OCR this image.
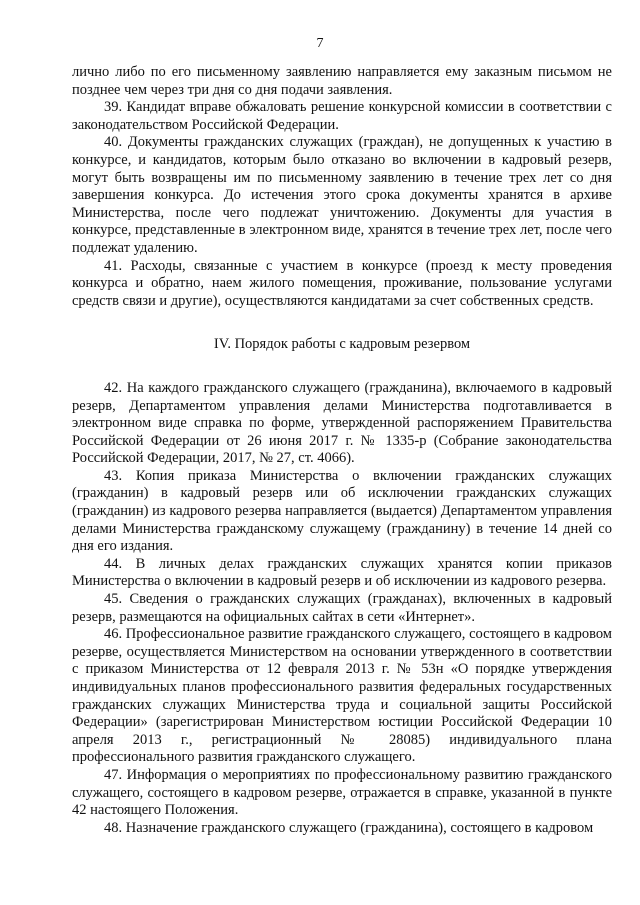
7

лично либо по его письменному заявлению направляется ему заказным письмом не позднее чем через три дня со дня подачи заявления.

39. Кандидат вправе обжаловать решение конкурсной комиссии в соответствии с законодательством Российской Федерации.

40. Документы гражданских служащих (граждан), не допущенных к участию в конкурсе, и кандидатов, которым было отказано во включении в кадровый резерв, могут быть возвращены им по письменному заявлению в течение трех лет со дня завершения конкурса. До истечения этого срока документы хранятся в архиве Министерства, после чего подлежат уничтожению. Документы для участия в конкурсе, представленные в электронном виде, хранятся в течение трех лет, после чего подлежат удалению.

41. Расходы, связанные с участием в конкурсе (проезд к месту проведения конкурса и обратно, наем жилого помещения, проживание, пользование услугами средств связи и другие), осуществляются кандидатами за счет собственных средств.

IV. Порядок работы с кадровым резервом

42. На каждого гражданского служащего (гражданина), включаемого в кадровый резерв, Департаментом управления делами Министерства подготавливается в электронном виде справка по форме, утвержденной распоряжением Правительства Российской Федерации от 26 июня 2017 г. № 1335-р (Собрание законодательства Российской Федерации, 2017, № 27, ст. 4066).

43. Копия приказа Министерства о включении гражданских служащих (гражданин) в кадровый резерв или об исключении гражданских служащих (гражданин) из кадрового резерва направляется (выдается) Департаментом управления делами Министерства гражданскому служащему (гражданину) в течение 14 дней со дня его издания.

44. В личных делах гражданских служащих хранятся копии приказов Министерства о включении в кадровый резерв и об исключении из кадрового резерва.

45. Сведения о гражданских служащих (гражданах), включенных в кадровый резерв, размещаются на официальных сайтах в сети «Интернет».

46. Профессиональное развитие гражданского служащего, состоящего в кадровом резерве, осуществляется Министерством на основании утвержденного в соответствии с приказом Министерства от 12 февраля 2013 г. № 53н «О порядке утверждения индивидуальных планов профессионального развития федеральных государственных гражданских служащих Министерства труда и социальной защиты Российской Федерации» (зарегистрирован Министерством юстиции Российской Федерации 10 апреля 2013 г., регистрационный № 28085) индивидуального плана профессионального развития гражданского служащего.

47. Информация о мероприятиях по профессиональному развитию гражданского служащего, состоящего в кадровом резерве, отражается в справке, указанной в пункте 42 настоящего Положения.

48. Назначение гражданского служащего (гражданина), состоящего в кадровом
